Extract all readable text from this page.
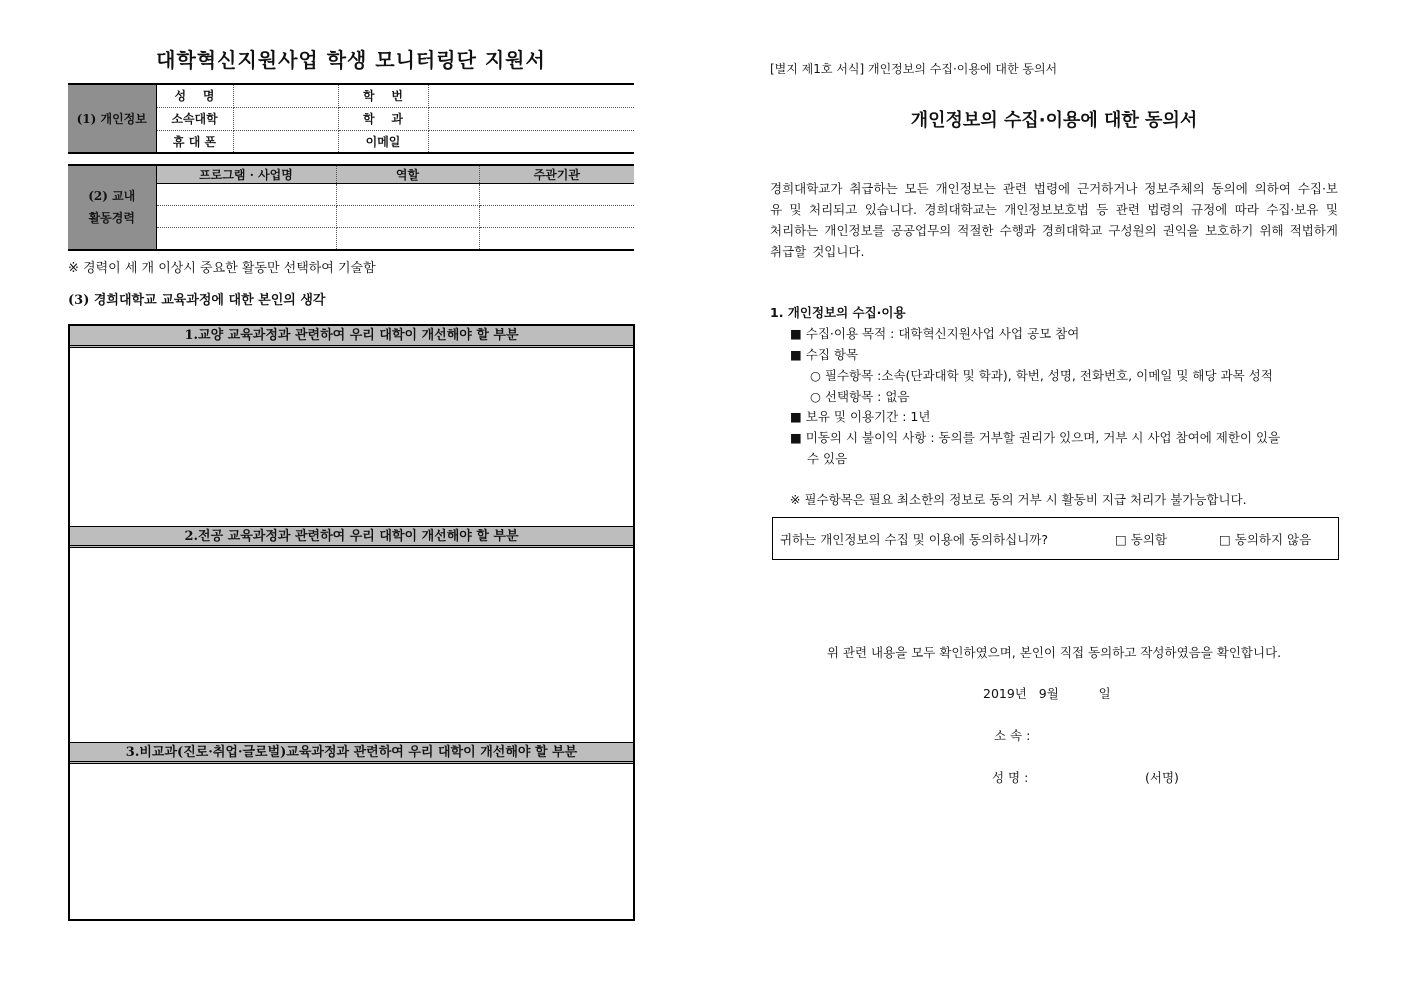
대학혁신지원사업 학생 모니터링단 지원서
(1) 개인정보	성    명		학    번	
	소속대학		학    과	
	휴 대 폰		이메일	
(2) 교내
활동경력	프로그램 · 사업명	역할	주관기관

※ 경력이 세 개 이상시 중요한 활동만 선택하여 기술함
(3) 경희대학교 교육과정에 대한 본인의 생각
1.교양 교육과정과 관련하여 우리 대학이 개선해야 할 부분
2.전공 교육과정과 관련하여 우리 대학이 개선해야 할 부분
3.비교과(진로·취업·글로벌)교육과정과 관련하여 우리 대학이 개선해야 할 부분
[별지 제1호 서식] 개인정보의 수집·이용에 대한 동의서
개인정보의 수집·이용에 대한 동의서
경희대학교가 취급하는 모든 개인정보는 관련 법령에 근거하거나 정보주체의 동의에 의하여 수집·보유 및 처리되고 있습니다. 경희대학교는 개인정보보호법 등 관련 법령의 규정에 따라 수집·보유 및 처리하는 개인정보를 공공업무의 적절한 수행과 경희대학교 구성원의 권익을 보호하기 위해 적법하게 취급할 것입니다.
1. 개인정보의 수집·이용
■ 수집·이용 목적 : 대학혁신지원사업 사업 공모 참여
■ 수집 항목
○ 필수항목 :소속(단과대학 및 학과), 학번, 성명, 전화번호, 이메일 및 해당 과목 성적
○ 선택항목 : 없음
■ 보유 및 이용기간 : 1년
■ 미동의 시 불이익 사항 : 동의를 거부할 권리가 있으며, 거부 시 사업 참여에 제한이 있을
수 있음
※ 필수항목은 필요 최소한의 정보로 동의 거부 시 활동비 지급 처리가 불가능합니다.
귀하는 개인정보의 수집 및 이용에 동의하십니까?	□ 동의함	□ 동의하지 않음
위 관련 내용을 모두 확인하였으며, 본인이 직접 동의하고 작성하였음을 확인합니다.
2019년   9월          일
소 속 :
성 명 :	(서명)
